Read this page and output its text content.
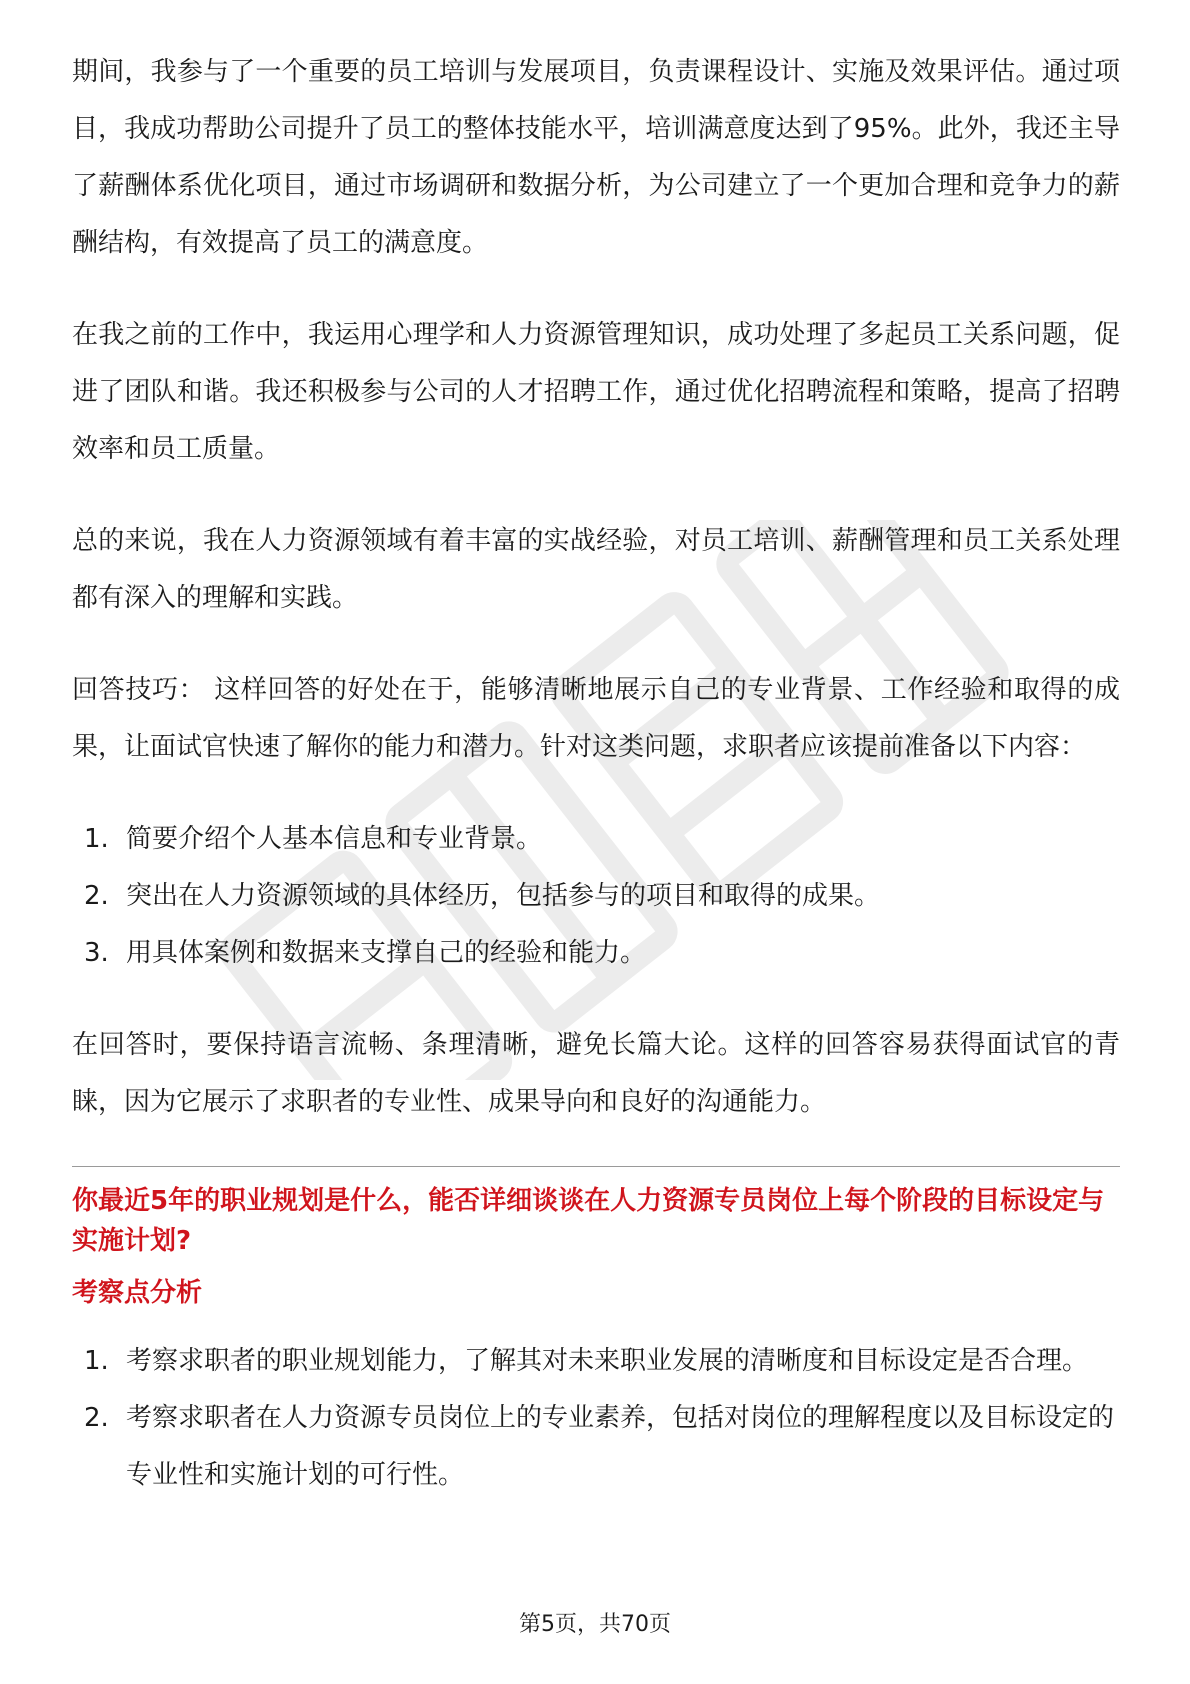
期间，我参与了一个重要的员工培训与发展项目，负责课程设计、实施及效果评估。通过项目，我成功帮助公司提升了员工的整体技能水平，培训满意度达到了95%。此外，我还主导了薪酬体系优化项目，通过市场调研和数据分析，为公司建立了一个更加合理和竞争力的薪酬结构，有效提高了员工的满意度。

在我之前的工作中，我运用心理学和人力资源管理知识，成功处理了多起员工关系问题，促进了团队和谐。我还积极参与公司的人才招聘工作，通过优化招聘流程和策略，提高了招聘效率和员工质量。

总的来说，我在人力资源领域有着丰富的实战经验，对员工培训、薪酬管理和员工关系处理都有深入的理解和实践。

回答技巧： 这样回答的好处在于，能够清晰地展示自己的专业背景、工作经验和取得的成果，让面试官快速了解你的能力和潜力。针对这类问题，求职者应该提前准备以下内容：

1. 简要介绍个人基本信息和专业背景。
2. 突出在人力资源领域的具体经历，包括参与的项目和取得的成果。
3. 用具体案例和数据来支撑自己的经验和能力。

在回答时，要保持语言流畅、条理清晰，避免长篇大论。这样的回答容易获得面试官的青睐，因为它展示了求职者的专业性、成果导向和良好的沟通能力。

你最近5年的职业规划是什么，能否详细谈谈在人力资源专员岗位上每个阶段的目标设定与实施计划?
考察点分析
1. 考察求职者的职业规划能力，了解其对未来职业发展的清晰度和目标设定是否合理。
2. 考察求职者在人力资源专员岗位上的专业素养，包括对岗位的理解程度以及目标设定的专业性和实施计划的可行性。
第5页，共70页
